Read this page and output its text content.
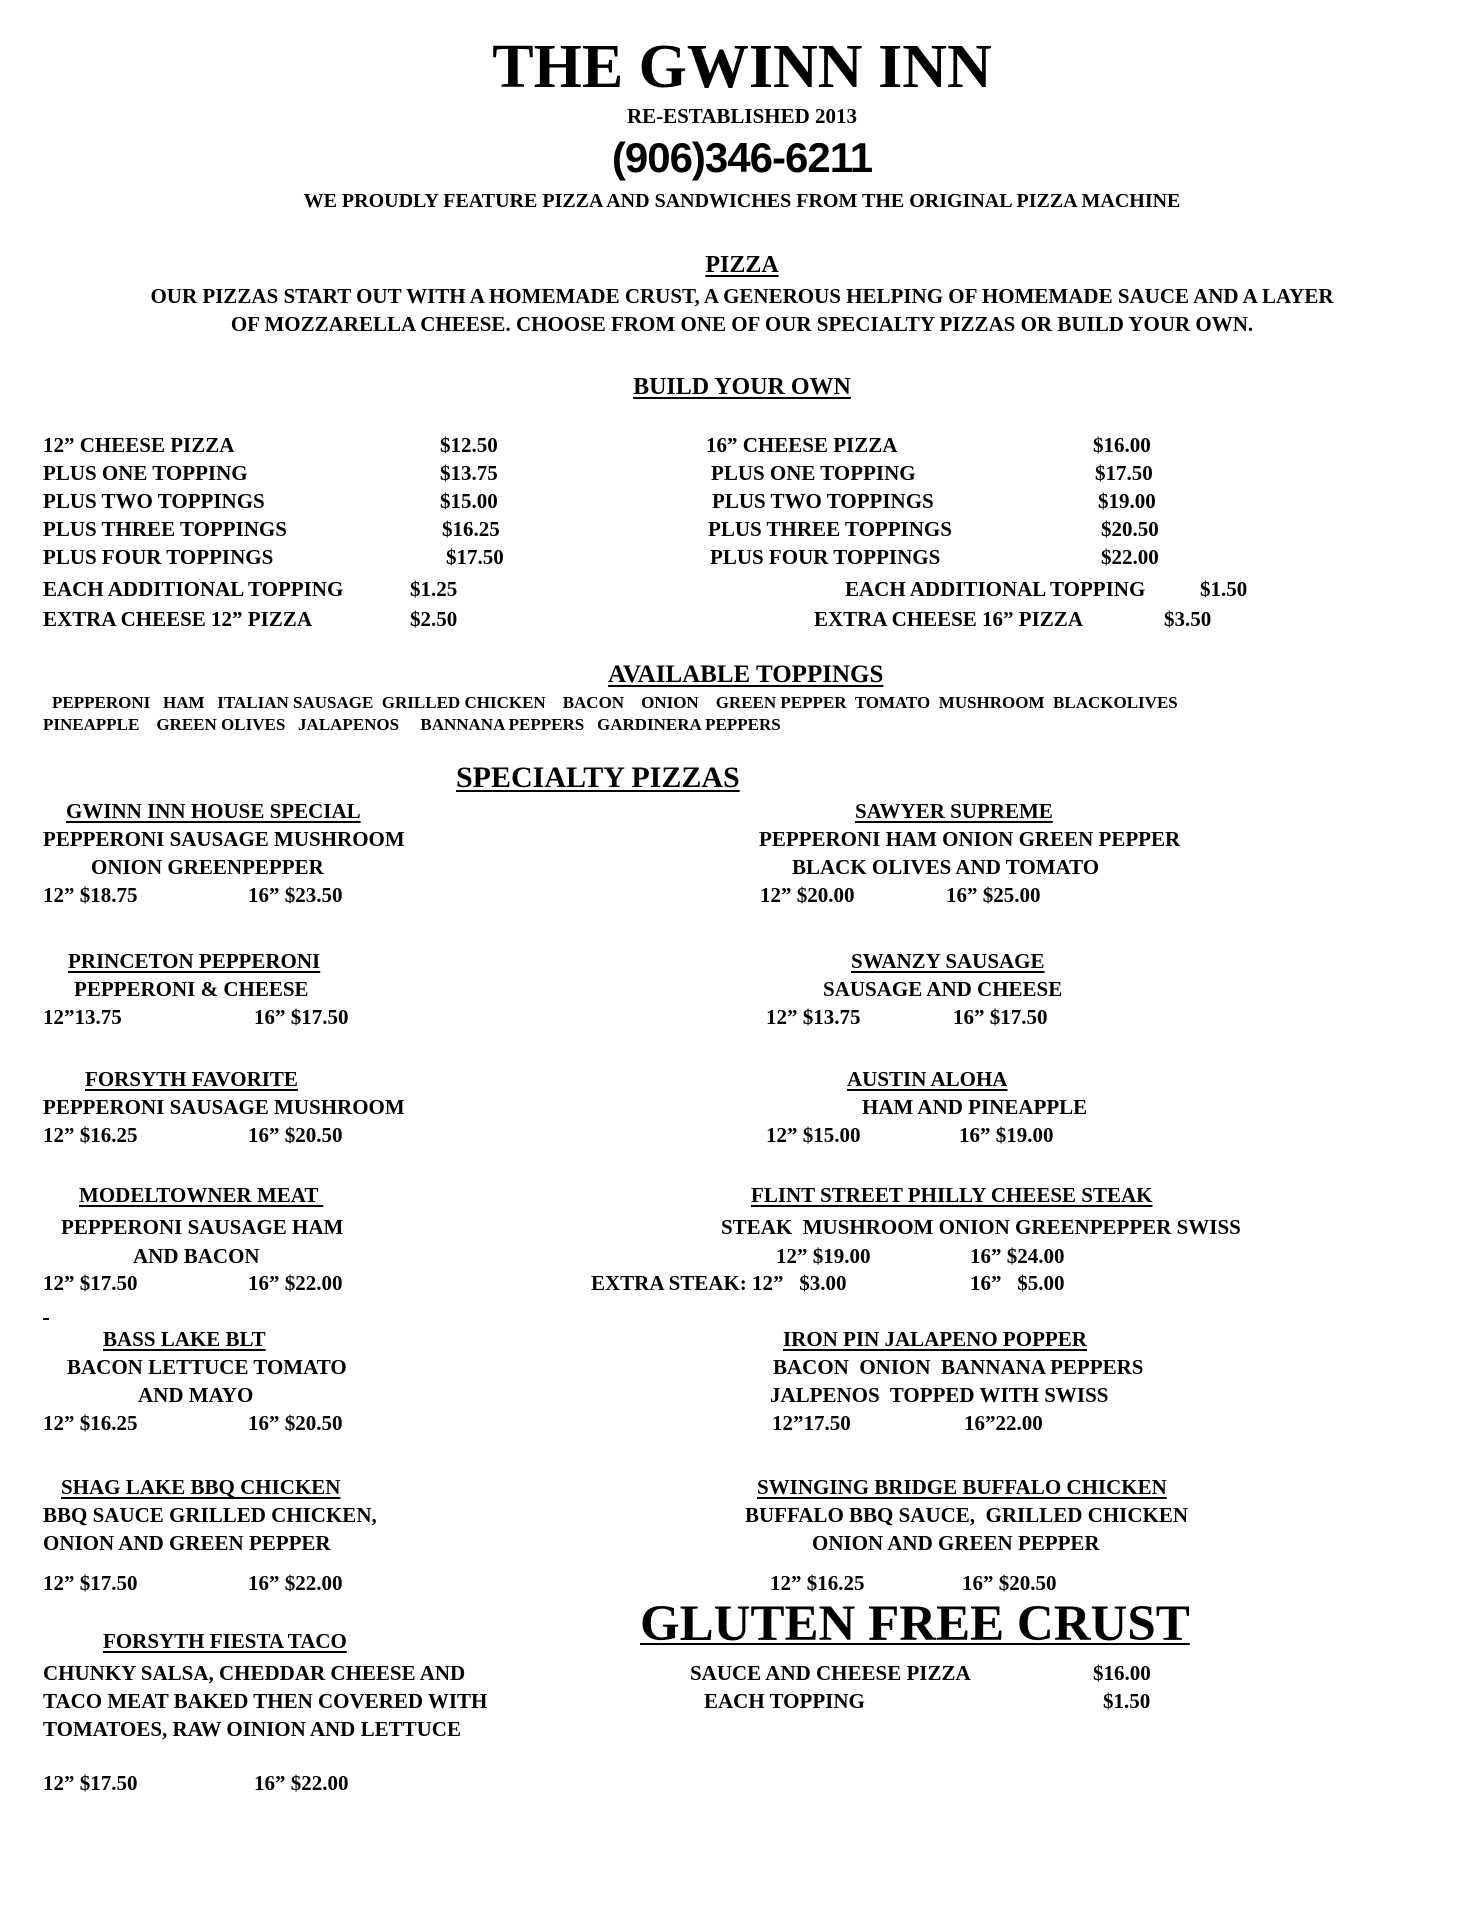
THE GWINN INN
RE-ESTABLISHED 2013
(906)346-6211
WE PROUDLY FEATURE PIZZA AND SANDWICHES FROM THE ORIGINAL PIZZA MACHINE
PIZZA
OUR PIZZAS START OUT WITH A HOMEMADE CRUST, A GENEROUS HELPING OF HOMEMADE SAUCE AND A LAYER
OF MOZZARELLA CHEESE. CHOOSE FROM ONE OF OUR SPECIALTY PIZZAS OR BUILD YOUR OWN.
BUILD YOUR OWN
12” CHEESE PIZZA	$12.50
PLUS ONE TOPPING	$13.75
PLUS TWO TOPPINGS	$15.00
PLUS THREE TOPPINGS	$16.25
PLUS FOUR TOPPINGS	$17.50
EACH ADDITIONAL TOPPING	$1.25
EXTRA CHEESE 12” PIZZA	$2.50
16” CHEESE PIZZA	$16.00
PLUS ONE TOPPING	$17.50
PLUS TWO TOPPINGS	$19.00
PLUS THREE TOPPINGS	$20.50
PLUS FOUR TOPPINGS	$22.00
EACH ADDITIONAL TOPPING	$1.50
EXTRA CHEESE 16” PIZZA	$3.50
AVAILABLE TOPPINGS
PEPPERONI   HAM   ITALIAN SAUSAGE  GRILLED CHICKEN    BACON    ONION    GREEN PEPPER  TOMATO  MUSHROOM  BLACKOLIVES
PINEAPPLE    GREEN OLIVES   JALAPENOS     BANNANA PEPPERS   GARDINERA PEPPERS
SPECIALTY PIZZAS
GWINN INN HOUSE SPECIAL
PEPPERONI SAUSAGE MUSHROOM
ONION GREENPEPPER
12” $18.75	16” $23.50
PRINCETON PEPPERONI
PEPPERONI & CHEESE
12”13.75	16” $17.50
FORSYTH FAVORITE
PEPPERONI SAUSAGE MUSHROOM
12” $16.25	16” $20.50
MODELTOWNER MEAT
PEPPERONI SAUSAGE HAM
AND BACON
12” $17.50	16” $22.00
BASS LAKE BLT
BACON LETTUCE TOMATO
AND MAYO
12” $16.25	16” $20.50
SHAG LAKE BBQ CHICKEN
BBQ SAUCE GRILLED CHICKEN,
ONION AND GREEN PEPPER
12” $17.50	16” $22.00
FORSYTH FIESTA TACO
CHUNKY SALSA, CHEDDAR CHEESE AND
TACO MEAT BAKED THEN COVERED WITH
TOMATOES, RAW OINION AND LETTUCE
12” $17.50	16” $22.00
SAWYER SUPREME
PEPPERONI HAM ONION GREEN PEPPER
BLACK OLIVES AND TOMATO
12” $20.00	16” $25.00
SWANZY SAUSAGE
SAUSAGE AND CHEESE
12” $13.75	16” $17.50
AUSTIN ALOHA
HAM AND PINEAPPLE
12” $15.00	16” $19.00
FLINT STREET PHILLY CHEESE STEAK
STEAK  MUSHROOM ONION GREENPEPPER SWISS
12” $19.00	16” $24.00
EXTRA STEAK: 12”   $3.00	16”   $5.00
IRON PIN JALAPENO POPPER
BACON  ONION  BANNANA PEPPERS
JALPENOS  TOPPED WITH SWISS
12”17.50	16”22.00
SWINGING BRIDGE BUFFALO CHICKEN
BUFFALO BBQ SAUCE,  GRILLED CHICKEN
ONION AND GREEN PEPPER
12” $16.25	16” $20.50
GLUTEN FREE CRUST
SAUCE AND CHEESE PIZZA	$16.00
EACH TOPPING	$1.50
